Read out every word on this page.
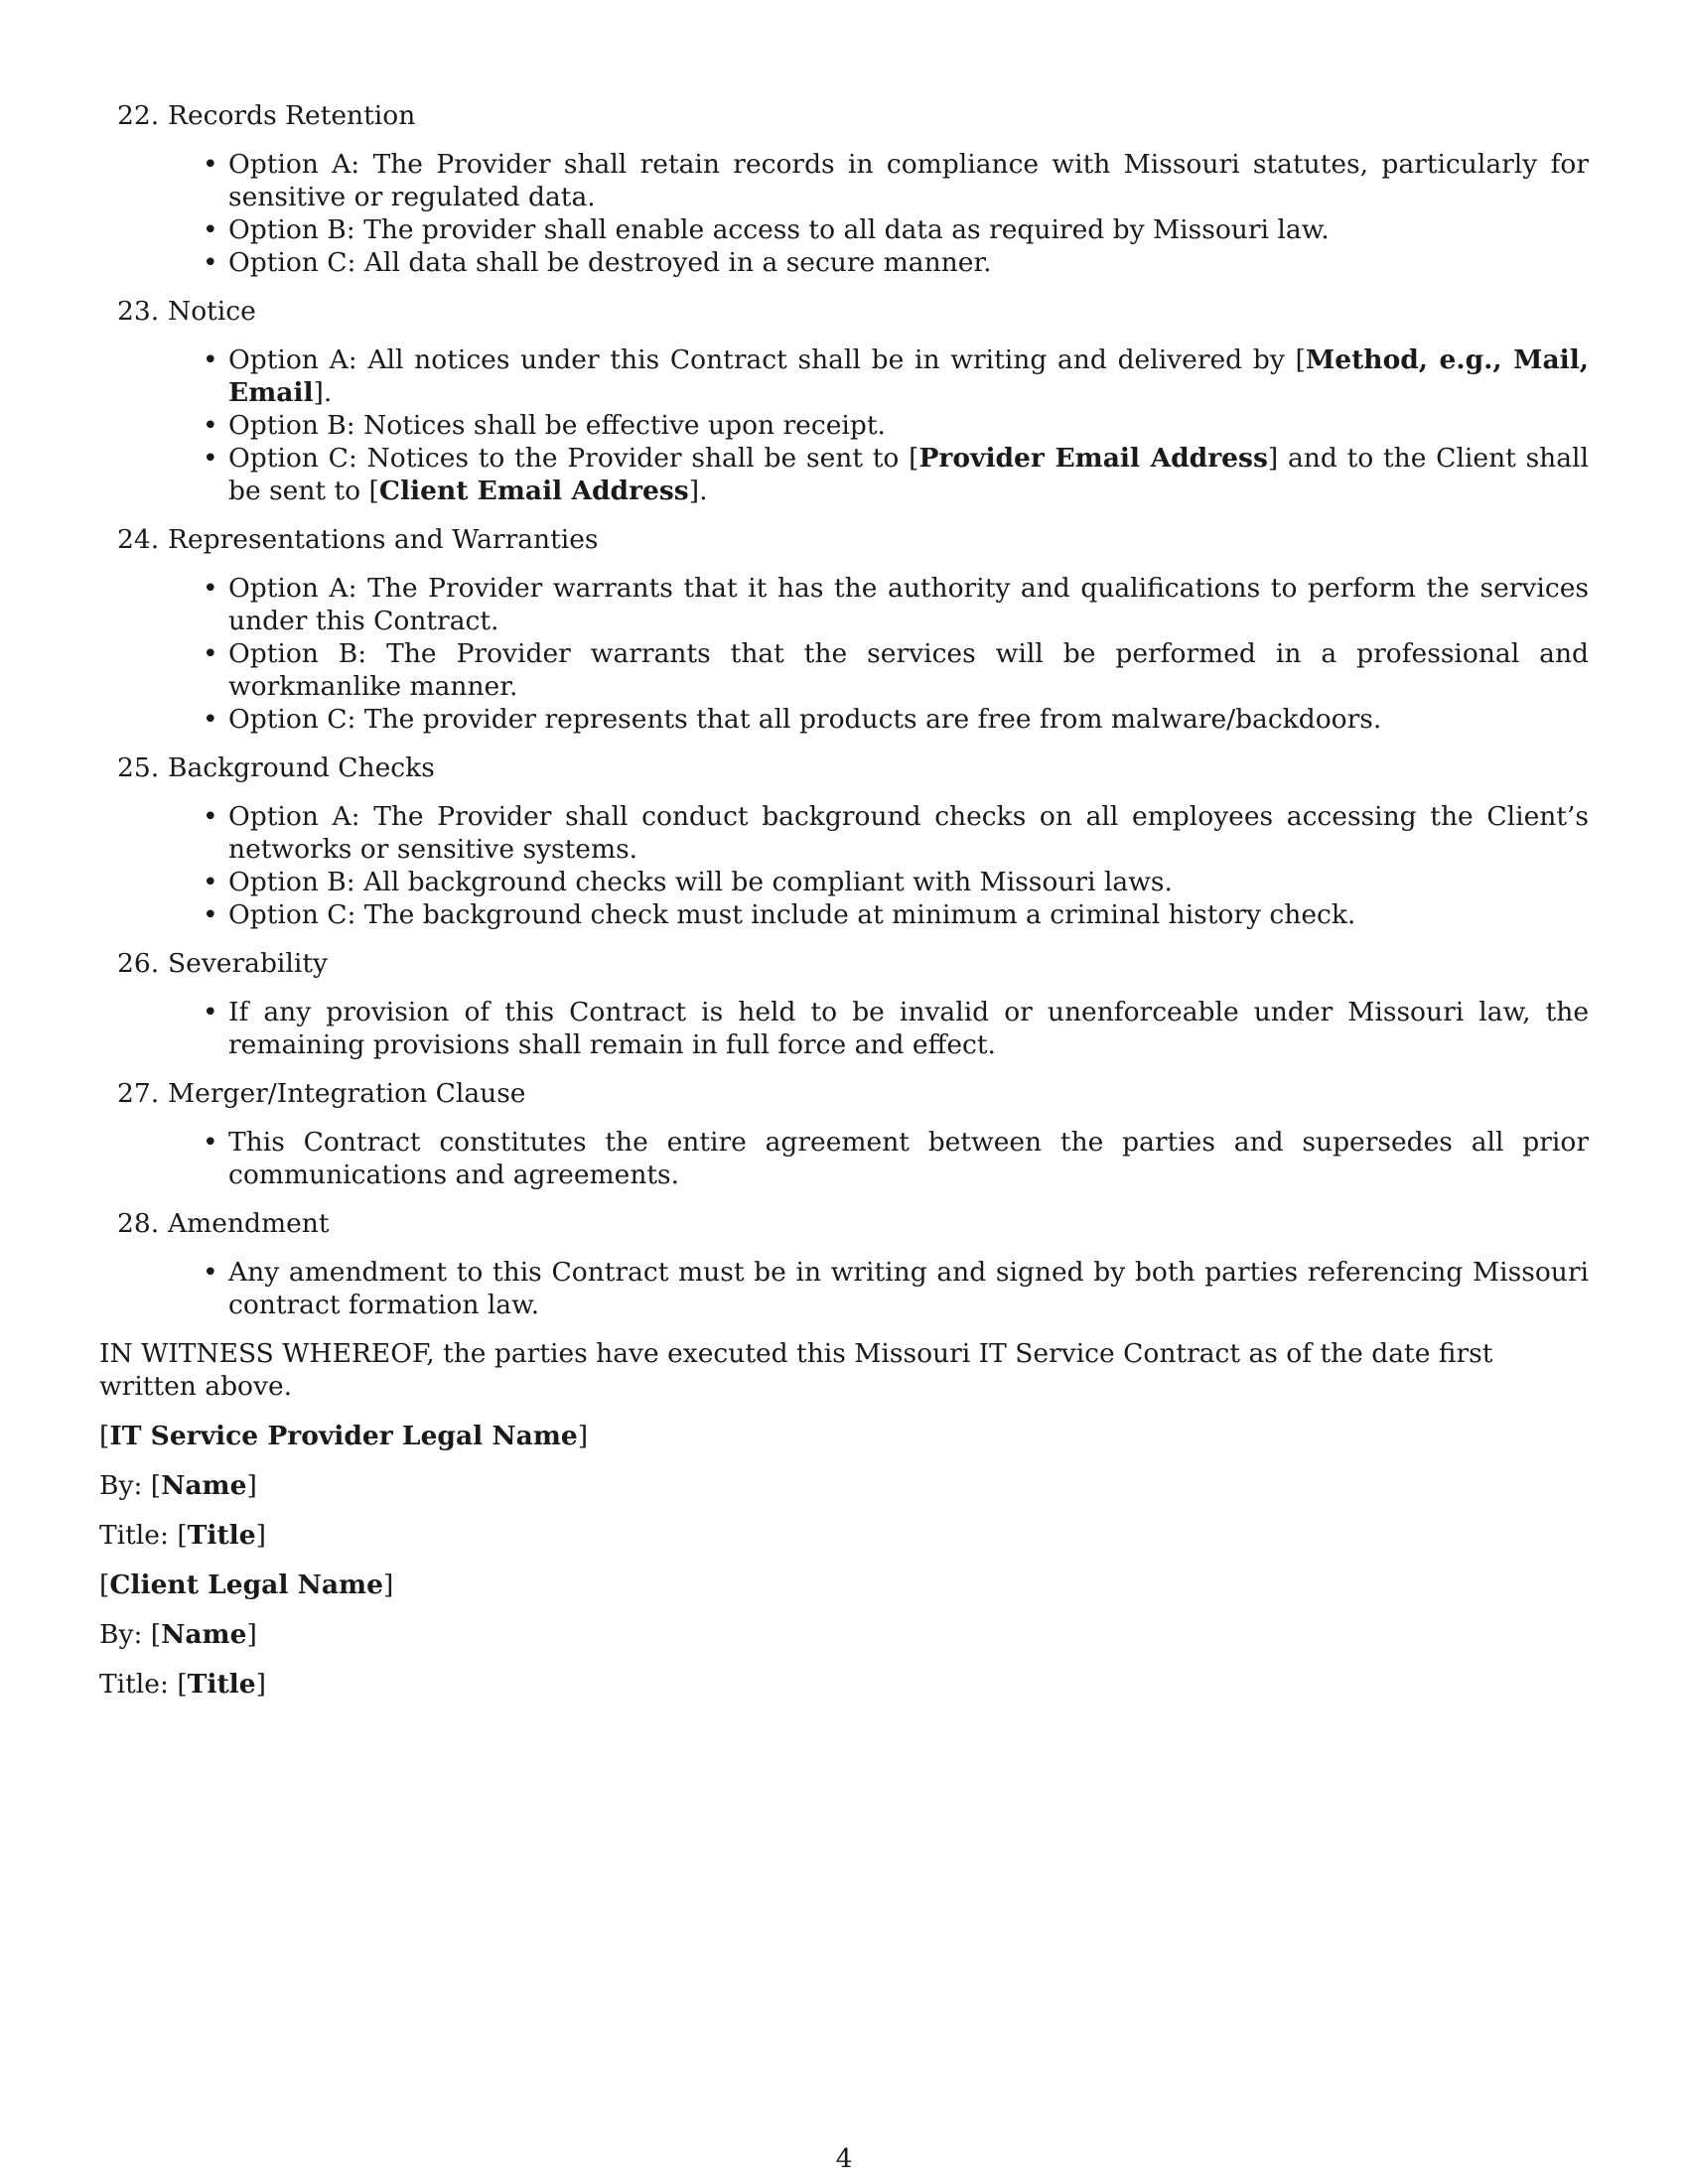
22. Records Retention
• Option A: The Provider shall retain records in compliance with Missouri statutes, particularly for sensitive or regulated data.
• Option B: The provider shall enable access to all data as required by Missouri law.
• Option C: All data shall be destroyed in a secure manner.
23. Notice
• Option A: All notices under this Contract shall be in writing and delivered by [Method, e.g., Mail, Email].
• Option B: Notices shall be effective upon receipt.
• Option C: Notices to the Provider shall be sent to [Provider Email Address] and to the Client shall be sent to [Client Email Address].
24. Representations and Warranties
• Option A: The Provider warrants that it has the authority and qualifications to perform the services under this Contract.
• Option B: The Provider warrants that the services will be performed in a professional and workmanlike manner.
• Option C: The provider represents that all products are free from malware/backdoors.
25. Background Checks
• Option A: The Provider shall conduct background checks on all employees accessing the Client’s networks or sensitive systems.
• Option B: All background checks will be compliant with Missouri laws.
• Option C: The background check must include at minimum a criminal history check.
26. Severability
• If any provision of this Contract is held to be invalid or unenforceable under Missouri law, the remaining provisions shall remain in full force and effect.
27. Merger/Integration Clause
• This Contract constitutes the entire agreement between the parties and supersedes all prior communications and agreements.
28. Amendment
• Any amendment to this Contract must be in writing and signed by both parties referencing Missouri contract formation law.

IN WITNESS WHEREOF, the parties have executed this Missouri IT Service Contract as of the date first written above.

[IT Service Provider Legal Name]

By: [Name]

Title: [Title]

[Client Legal Name]

By: [Name]

Title: [Title]

4
